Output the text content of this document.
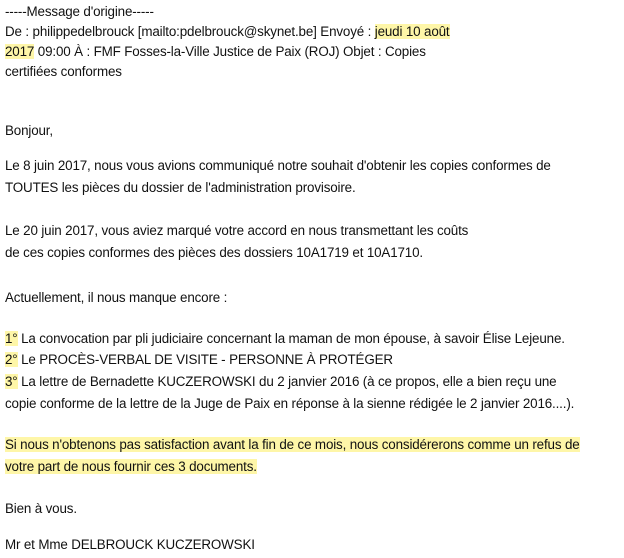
-----Message d'origine-----
De : philippedelbrouck [mailto:pdelbrouck@skynet.be] Envoyé : jeudi 10 août
2017 09:00 À : FMF Fosses-la-Ville Justice de Paix (ROJ) Objet : Copies
certifiées conformes
Bonjour,
Le 8 juin 2017, nous vous avions communiqué notre souhait d'obtenir les copies conformes de
TOUTES les pièces du dossier de l'administration provisoire.
Le 20 juin 2017, vous aviez marqué votre accord en nous transmettant les coûts
de ces copies conformes des pièces des dossiers 10A1719 et 10A1710.
Actuellement, il nous manque encore :
1° La convocation par pli judiciaire concernant la maman de mon épouse, à savoir Élise Lejeune.
2° Le PROCÈS-VERBAL DE VISITE - PERSONNE À PROTÉGER
3° La lettre de Bernadette KUCZEROWSKI du 2 janvier 2016 (à ce propos, elle a bien reçu une
copie conforme de la lettre de la Juge de Paix en réponse à la sienne rédigée le 2 janvier 2016....).
Si nous n'obtenons pas satisfaction avant la fin de ce mois, nous considérerons comme un refus de
votre part de nous fournir ces 3 documents.
Bien à vous.
Mr et Mme DELBROUCK KUCZEROWSKI
